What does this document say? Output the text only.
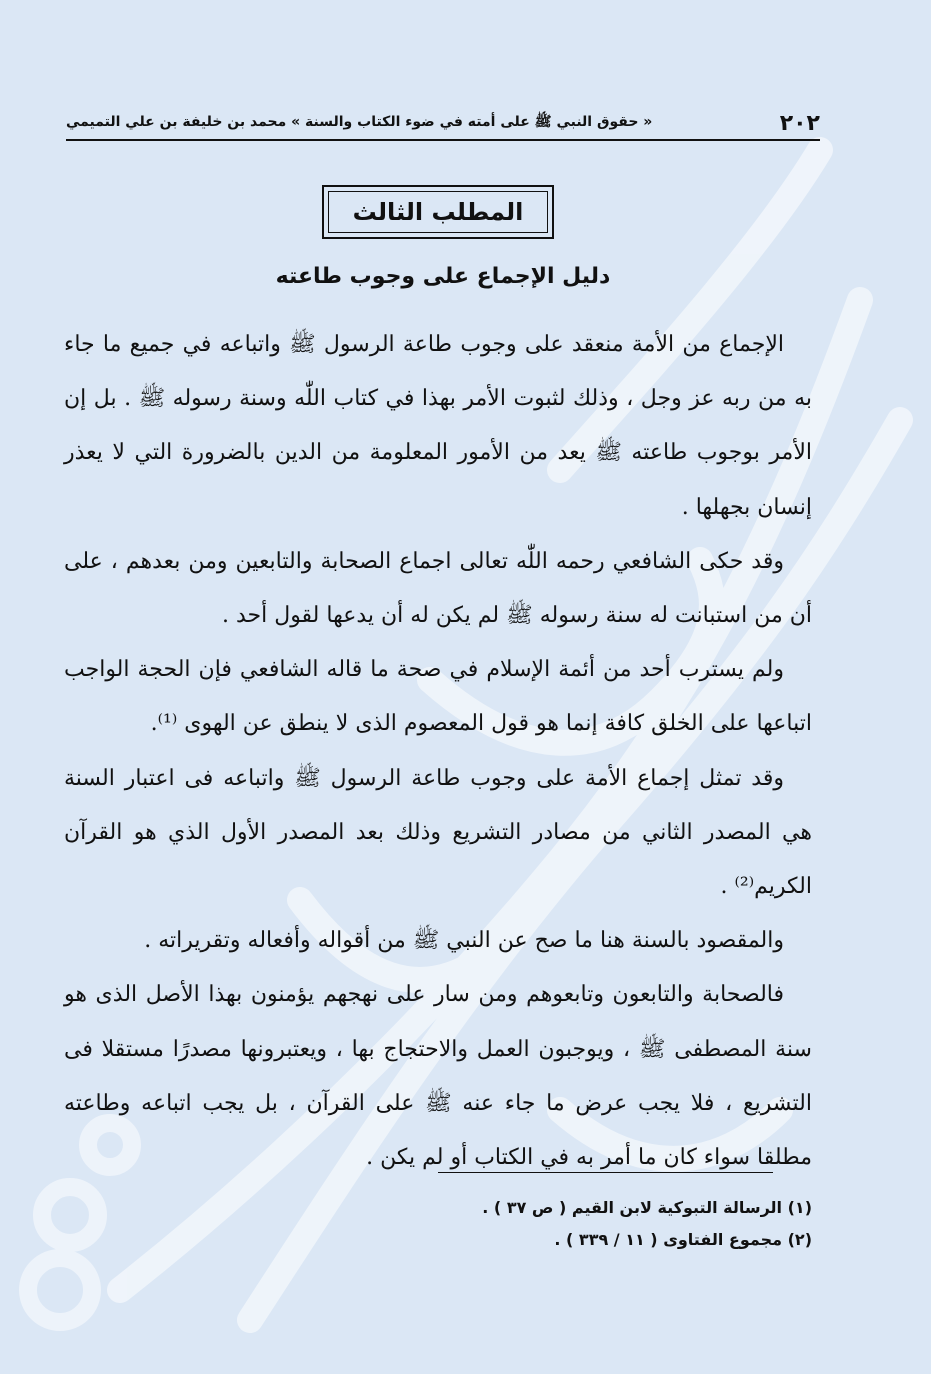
٢٠٢
« حقوق النبي ﷺ على أمته في ضوء الكتاب والسنة » محمد بن خليفة بن علي التميمي
المطلب الثالث
دليل الإجماع على وجوب طاعته

الإجماع من الأمة منعقد على وجوب طاعة الرسول ﷺ واتباعه في جميع ما جاء به من ربه عز وجل ، وذلك لثبوت الأمر بهذا في كتاب اللّٰه وسنة رسوله ﷺ . بل إن الأمر بوجوب طاعته ﷺ يعد من الأمور المعلومة من الدين بالضرورة التي لا يعذر إنسان بجهلها .

وقد حكى الشافعي رحمه اللّٰه تعالى اجماع الصحابة والتابعين ومن بعدهم ، على أن من استبانت له سنة رسوله ﷺ لم يكن له أن يدعها لقول أحد .

ولم يسترب أحد من أئمة الإسلام في صحة ما قاله الشافعي فإن الحجة الواجب اتباعها على الخلق كافة إنما هو قول المعصوم الذى لا ينطق عن الهوى ⁽¹⁾.

وقد تمثل إجماع الأمة على وجوب طاعة الرسول ﷺ واتباعه فى اعتبار السنة هي المصدر الثاني من مصادر التشريع وذلك بعد المصدر الأول الذي هو القرآن الكريم⁽²⁾ .

والمقصود بالسنة هنا ما صح عن النبي ﷺ من أقواله وأفعاله وتقريراته .

فالصحابة والتابعون وتابعوهم ومن سار على نهجهم يؤمنون بهذا الأصل الذى هو سنة المصطفى ﷺ ، ويوجبون العمل والاحتجاج بها ، ويعتبرونها مصدرًا مستقلا فى التشريع ، فلا يجب عرض ما جاء عنه ﷺ على القرآن ، بل يجب اتباعه وطاعته مطلقا سواء كان ما أمر به في الكتاب أو لم يكن .

(١) الرسالة التبوكية لابن القيم ( ص ٣٧ ) .

(٢) مجموع الفتاوى ( ١١ / ٣٣٩ ) .
